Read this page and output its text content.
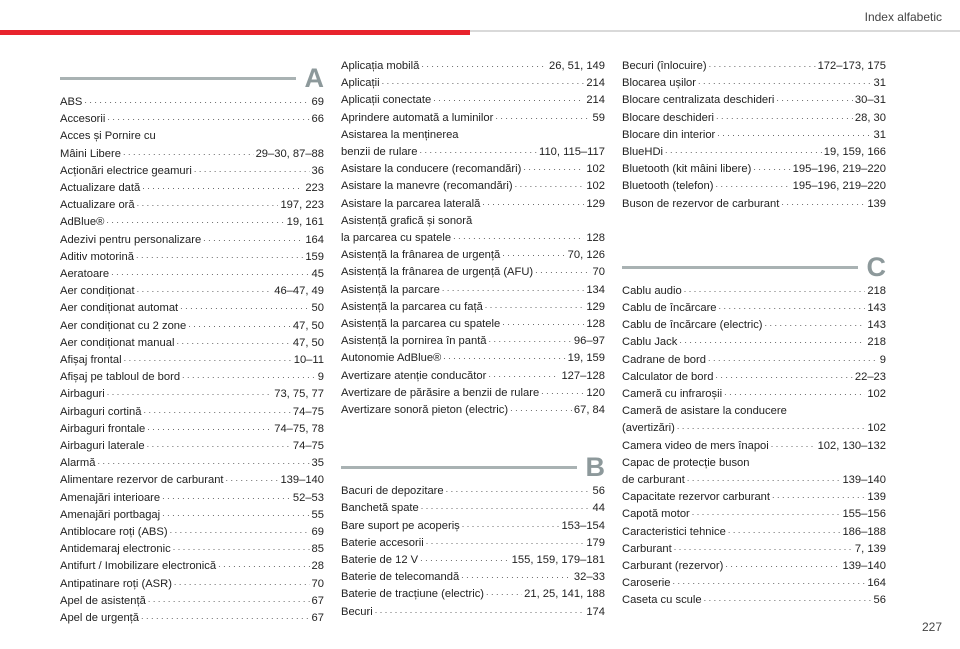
Index alfabetic
A
ABS . . .	69
Accesorii . . .	66
Acces și Pornire cu
Mâini Libere . . .	29–30, 87–88
Acționări electrice geamuri . . .	36
Actualizare dată . . .	223
Actualizare oră . . .	197, 223
AdBlue® . . .	19, 161
Adezivi pentru personalizare . . .	164
Aditiv motorină . . .	159
Aeratoare . . .	45
Aer condiționat . . .	46–47, 49
Aer condiționat automat . . .	50
Aer condiționat cu 2 zone . . .	47, 50
Aer condiționat manual . . .	47, 50
Afișaj frontal . . .	10–11
Afișaj pe tabloul de bord . . .	9
Airbaguri . . .	73, 75, 77
Airbaguri cortină . . .	74–75
Airbaguri frontale . . .	74–75, 78
Airbaguri laterale . . .	74–75
Alarmă . . .	35
Alimentare rezervor de carburant . . .	139–140
Amenajări interioare . . .	52–53
Amenajări portbagaj . . .	55
Antiblocare roți (ABS) . . .	69
Antidemaraj electronic . . .	85
Antifurt / Imobilizare electronică . . .	28
Antipatinare roți (ASR) . . .	70
Apel de asistență . . .	67
Apel de urgență . . .	67
Aplicația mobilă . . .	26, 51, 149
Aplicații . . .	214
Aplicații conectate . . .	214
Aprindere automată a luminilor . . .	59
Asistarea la menținerea
benzii de rulare . . .	110, 115–117
Asistare la conducere (recomandări) . . .	102
Asistare la manevre (recomandări) . . .	102
Asistare la parcarea laterală . . .	129
Asistență grafică și sonoră
la parcarea cu spatele . . .	128
Asistență la frânarea de urgență . . .	70, 126
Asistență la frânarea de urgență (AFU) . . .	70
Asistență la parcare . . .	134
Asistență la parcarea cu față . . .	129
Asistență la parcarea cu spatele . . .	128
Asistență la pornirea în pantă . . .	96–97
Autonomie AdBlue® . . .	19, 159
Avertizare atenție conducător . . .	127–128
Avertizare de părăsire a benzii de rulare . . .	120
Avertizare sonoră pieton (electric) . . .	67, 84
B
Bacuri de depozitare . . .	56
Banchetă spate . . .	44
Bare suport pe acoperiș . . .	153–154
Baterie accesorii . . .	179
Baterie de 12 V . . .	155, 159, 179–181
Baterie de telecomandă . . .	32–33
Baterie de tracțiune (electric) . . .	21, 25, 141, 188
Becuri . . .	174
Becuri (înlocuire) . . .	172–173, 175
Blocarea ușilor . . .	31
Blocare centralizata deschideri . . .	30–31
Blocare deschideri . . .	28, 30
Blocare din interior . . .	31
BlueHDi . . .	19, 159, 166
Bluetooth (kit mâini libere) . . .	195–196, 219–220
Bluetooth (telefon) . . .	195–196, 219–220
Buson de rezervor de carburant . . .	139
C
Cablu audio . . .	218
Cablu de încărcare . . .	143
Cablu de încărcare (electric) . . .	143
Cablu Jack . . .	218
Cadrane de bord . . .	9
Calculator de bord . . .	22–23
Cameră cu infraroșii . . .	102
Cameră de asistare la conducere
(avertizări) . . .	102
Camera video de mers înapoi . . .	102, 130–132
Capac de protecție buson
de carburant . . .	139–140
Capacitate rezervor carburant . . .	139
Capotă motor . . .	155–156
Caracteristici tehnice . . .	186–188
Carburant . . .	7, 139
Carburant (rezervor) . . .	139–140
Caroserie . . .	164
Caseta cu scule . . .	56
227
